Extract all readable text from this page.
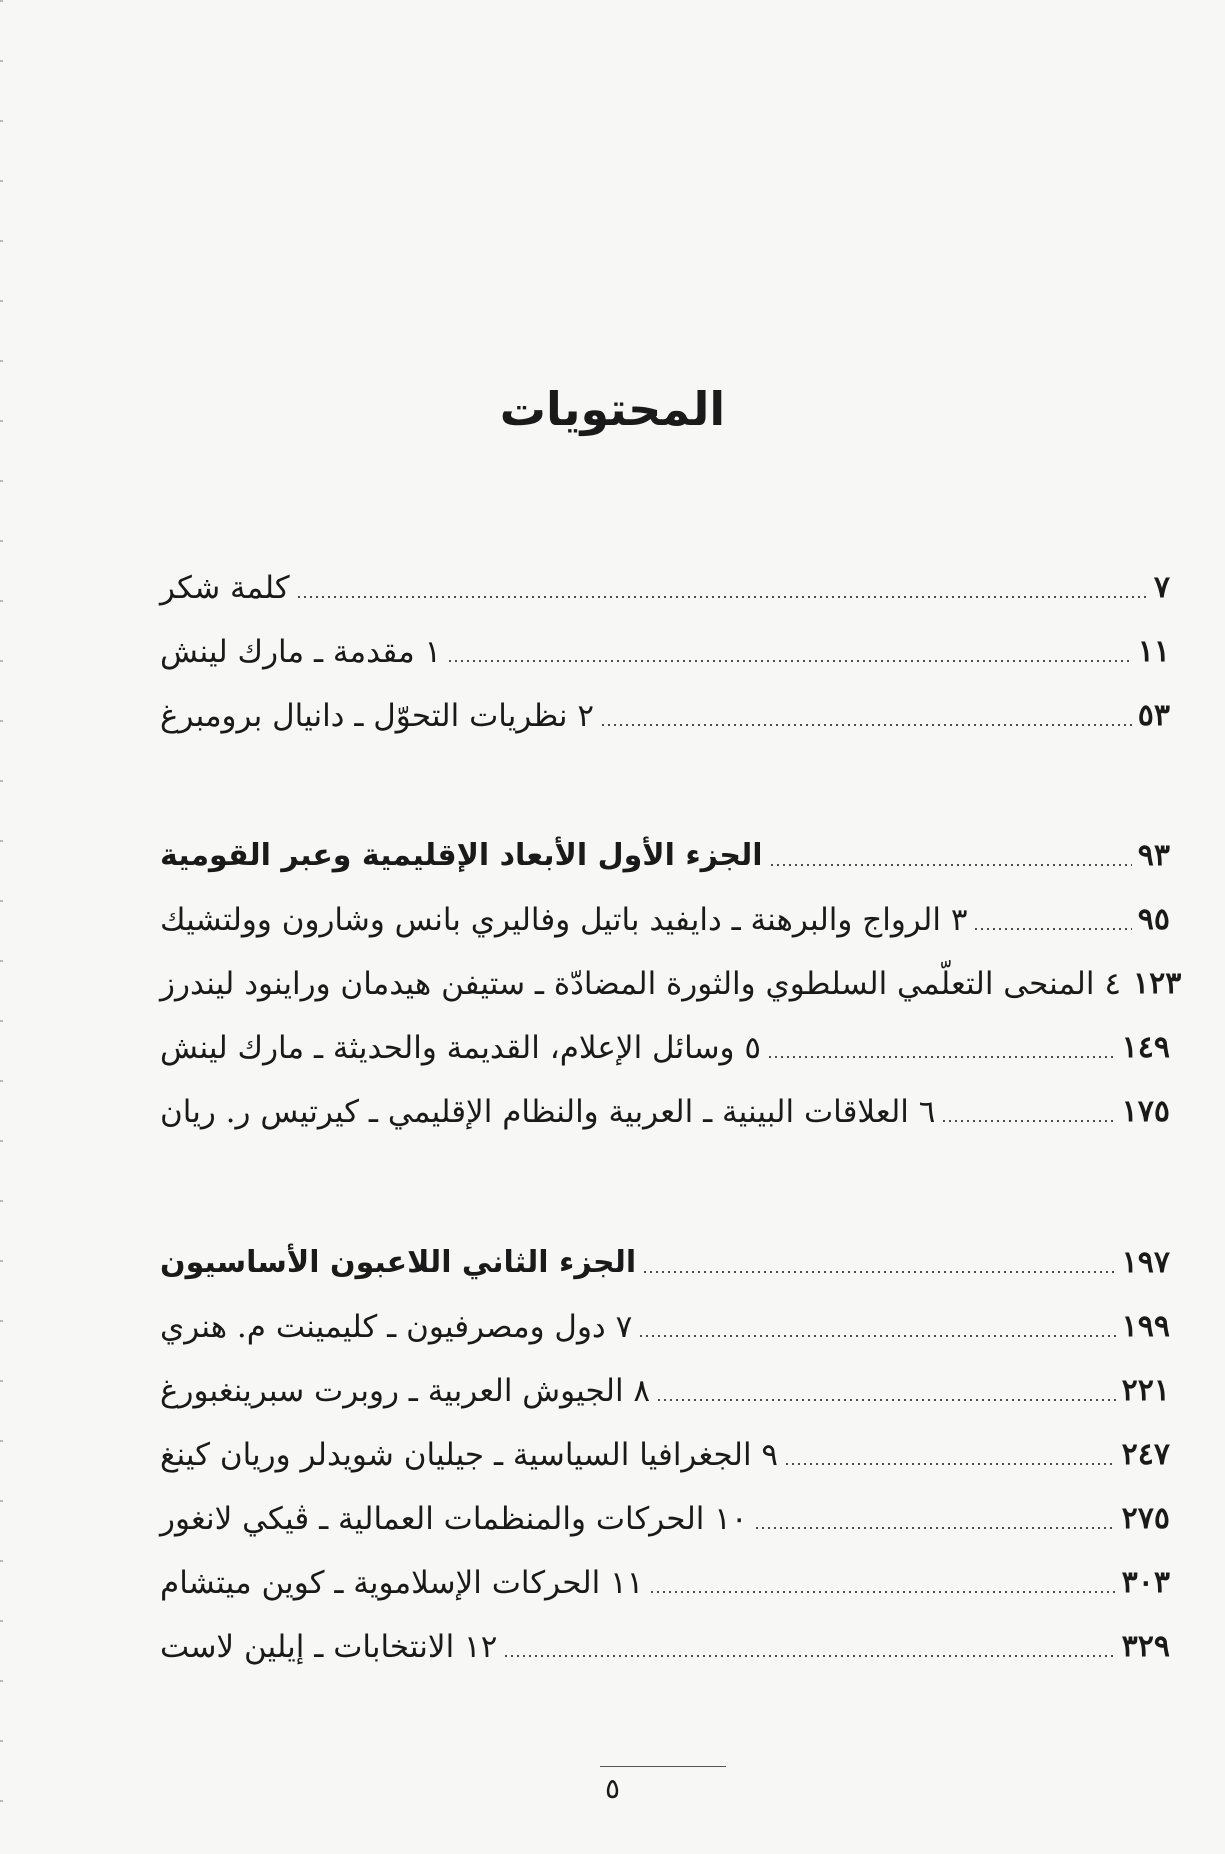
المحتويات
كلمة شكر	٧
١ مقدمة ـ مارك لينش	١١
٢ نظريات التحوّل ـ دانيال برومبرغ	٥٣
الجزء الأول الأبعاد الإقليمية وعبر القومية	٩٣
٣ الرواج والبرهنة ـ دايفيد باتيل وفاليري بانس وشارون وولتشيك	٩٥
٤ المنحى التعلّمي السلطوي والثورة المضادّة ـ ستيفن هيدمان وراينود ليندرز ١٢٣
٥ وسائل الإعلام، القديمة والحديثة ـ مارك لينش	١٤٩
٦ العلاقات البينية ـ العربية والنظام الإقليمي ـ كيرتيس ر. ريان	١٧٥
الجزء الثاني اللاعبون الأساسيون	١٩٧
٧ دول ومصرفيون ـ كليمينت م. هنري	١٩٩
٨ الجيوش العربية ـ روبرت سبرينغبورغ	٢٢١
٩ الجغرافيا السياسية ـ جيليان شويدلر وريان كينغ	٢٤٧
١٠ الحركات والمنظمات العمالية ـ ڤيكي لانغور	٢٧٥
١١ الحركات الإسلاموية ـ كوين ميتشام	٣٠٣
١٢ الانتخابات ـ إيلين لاست	٣٢٩
٥
